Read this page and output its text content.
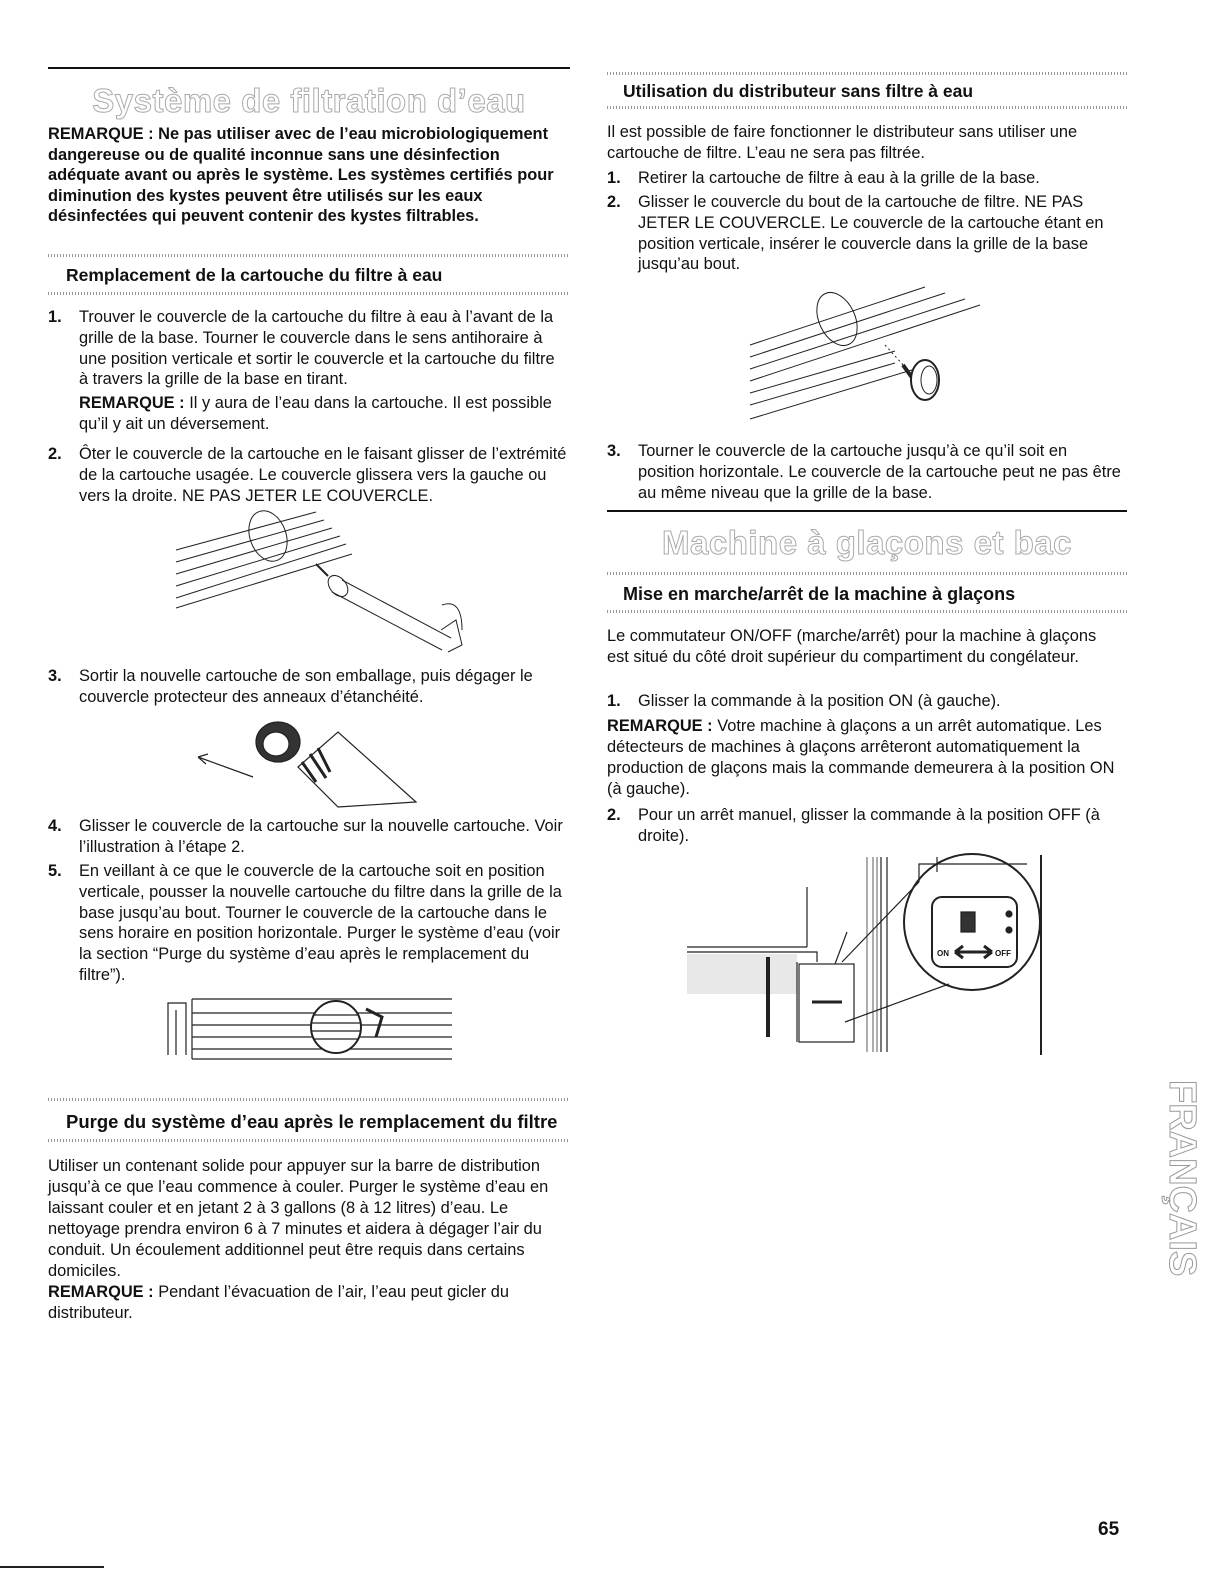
Système de filtration d’eau
REMARQUE : Ne pas utiliser avec de l’eau microbiologiquement dangereuse ou de qualité inconnue sans une désinfection adéquate avant ou après le système. Les systèmes certifiés pour diminution des kystes peuvent être utilisés sur les eaux désinfectées qui peuvent contenir des kystes filtrables.
Remplacement de la cartouche du filtre à eau
1. Trouver le couvercle de la cartouche du filtre à eau à l’avant de la grille de la base. Tourner le couvercle dans le sens antihoraire à une position verticale et sortir le couvercle et la cartouche du filtre à travers la grille de la base en tirant.
REMARQUE : Il y aura de l’eau dans la cartouche. Il est possible qu’il y ait un déversement.
2. Ôter le couvercle de la cartouche en le faisant glisser de l’extrémité de la cartouche usagée. Le couvercle glissera vers la gauche ou vers la droite. NE PAS JETER LE COUVERCLE.
3. Sortir la nouvelle cartouche de son emballage, puis dégager le couvercle protecteur des anneaux d’étanchéité.
4. Glisser le couvercle de la cartouche sur la nouvelle cartouche. Voir l’illustration à l’étape 2.
5. En veillant à ce que le couvercle de la cartouche soit en position verticale, pousser la nouvelle cartouche du filtre dans la grille de la base jusqu’au bout. Tourner le couvercle de la cartouche dans le sens horaire en position horizontale. Purger le système d’eau (voir la section “Purge du système d’eau après le remplacement du filtre”).
Purge du système d’eau après le remplacement du filtre
Utiliser un contenant solide pour appuyer sur la barre de distribution jusqu’à ce que l’eau commence à couler. Purger le système d’eau en laissant couler et en jetant 2 à 3 gallons (8 à 12 litres) d’eau. Le nettoyage prendra environ 6 à 7 minutes et aidera à dégager l’air du conduit. Un écoulement additionnel peut être requis dans certains domiciles.
REMARQUE : Pendant l’évacuation de l’air, l’eau peut gicler du distributeur.
Utilisation du distributeur sans filtre à eau
Il est possible de faire fonctionner le distributeur sans utiliser une cartouche de filtre. L’eau ne sera pas filtrée.
1. Retirer la cartouche de filtre à eau à la grille de la base.
2. Glisser le couvercle du bout de la cartouche de filtre. NE PAS JETER LE COUVERCLE. Le couvercle de la cartouche étant en position verticale, insérer le couvercle dans la grille de la base jusqu’au bout.
3. Tourner le couvercle de la cartouche jusqu’à ce qu’il soit en position horizontale. Le couvercle de la cartouche peut ne pas être au même niveau que la grille de la base.
Machine à glaçons et bac
Mise en marche/arrêt de la machine à glaçons
Le commutateur ON/OFF (marche/arrêt) pour la machine à glaçons est situé du côté droit supérieur du compartiment du congélateur.
1. Glisser la commande à la position ON (à gauche).
REMARQUE : Votre machine à glaçons a un arrêt automatique. Les détecteurs de machines à glaçons arrêteront automatiquement la production de glaçons mais la commande demeurera à la position ON (à gauche).
2. Pour un arrêt manuel, glisser la commande à la position OFF (à droite).
ON	OFF
FRANÇAIS
65
